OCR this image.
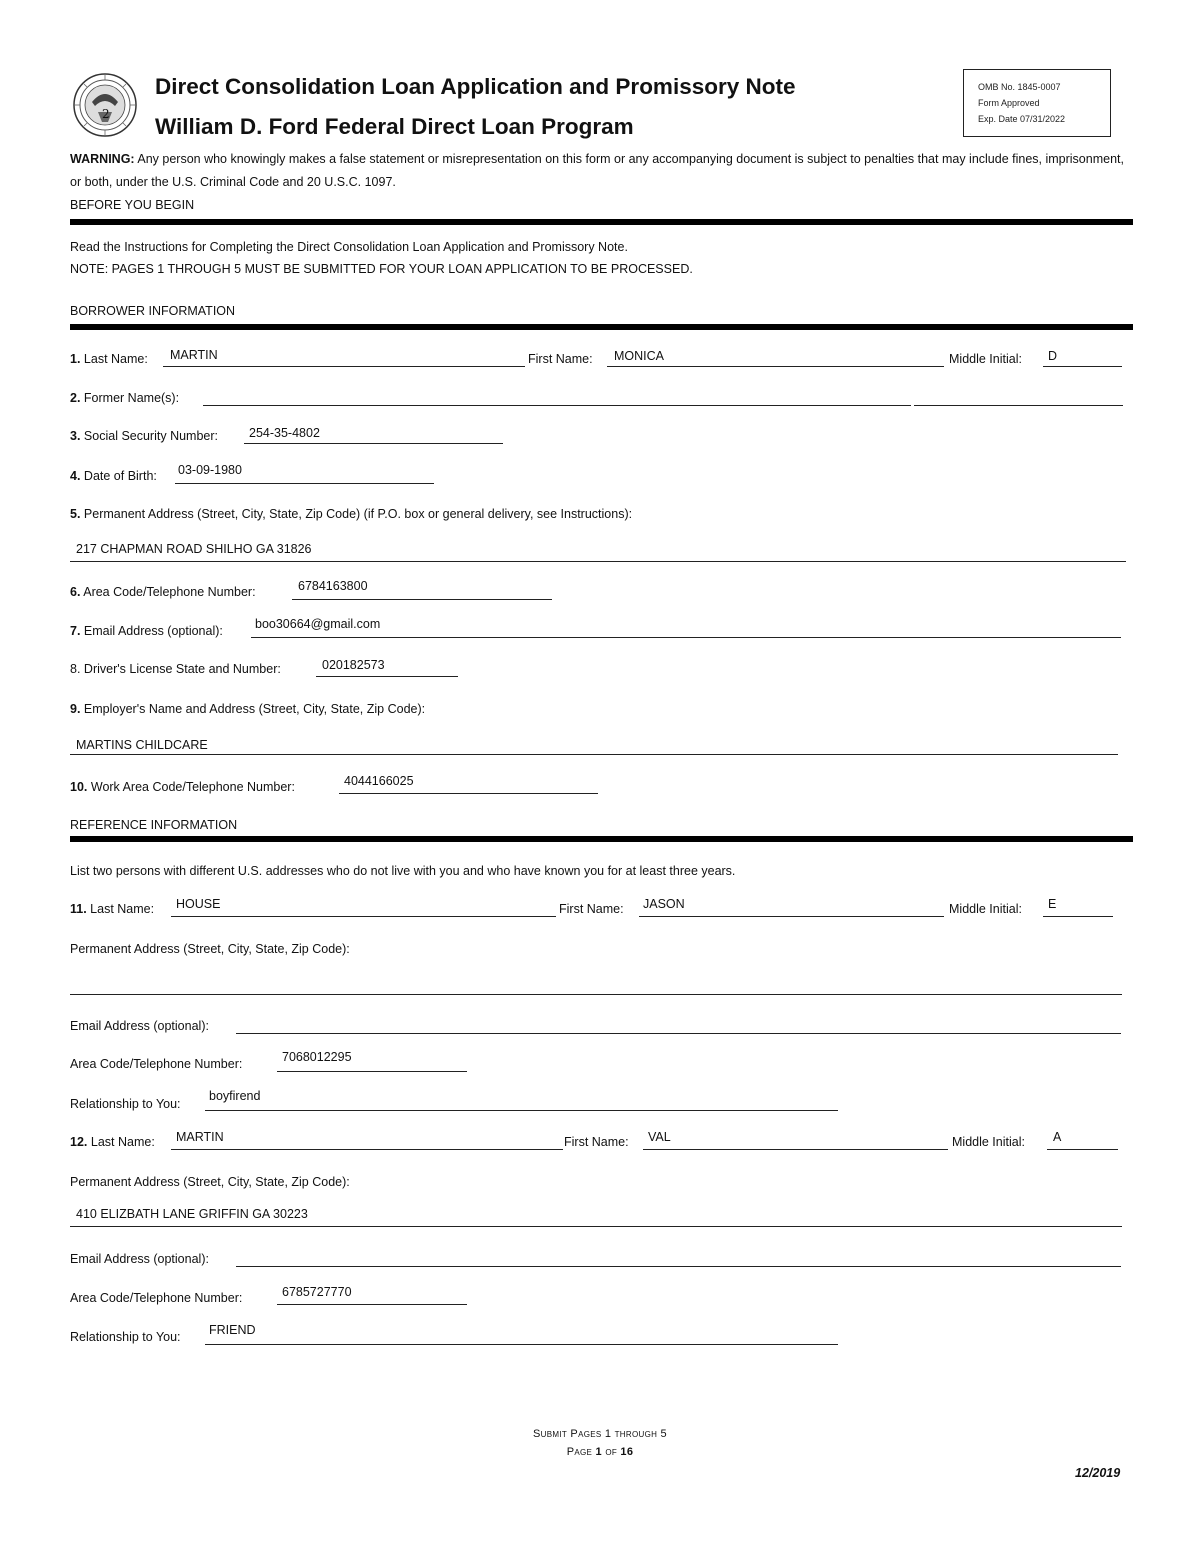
2
Direct Consolidation Loan Application and Promissory Note
William D. Ford Federal Direct Loan Program
OMB No. 1845-0007
Form Approved
Exp. Date 07/31/2022
WARNING: Any person who knowingly makes a false statement or misrepresentation on this form or any accompanying document is subject to penalties that may include fines, imprisonment, or both, under the U.S. Criminal Code and 20 U.S.C. 1097.
BEFORE YOU BEGIN
Read the Instructions for Completing the Direct Consolidation Loan Application and Promissory Note.
NOTE: PAGES 1 THROUGH 5 MUST BE SUBMITTED FOR YOUR LOAN APPLICATION TO BE PROCESSED.
BORROWER INFORMATION
1. Last Name: MARTIN	First Name: MONICA	Middle Initial: D
2. Former Name(s):
3. Social Security Number: 254-35-4802
4. Date of Birth: 03-09-1980
5. Permanent Address (Street, City, State, Zip Code) (if P.O. box or general delivery, see Instructions):
217 CHAPMAN ROAD SHILHO GA 31826
6. Area Code/Telephone Number:	6784163800
7. Email Address (optional):	boo30664@gmail.com
8. Driver's License State and Number:	020182573
9. Employer's Name and Address (Street, City, State, Zip Code):
MARTINS CHILDCARE
10. Work Area Code/Telephone Number:	4044166025
REFERENCE INFORMATION
List two persons with different U.S. addresses who do not live with you and who have known you for at least three years.
11. Last Name: HOUSE	First Name: JASON	Middle Initial: E
Permanent Address (Street, City, State, Zip Code):
Email Address (optional):
Area Code/Telephone Number:	7068012295
Relationship to You:
boyfirend
12. Last Name: MARTIN	First Name: VAL	Middle Initial: A
Permanent Address (Street, City, State, Zip Code):
410 ELIZBATH LANE GRIFFIN GA 30223
Email Address (optional):
Area Code/Telephone Number:	6785727770
Relationship to You: FRIEND
Submit Pages 1 through 5
Page 1 of 16
12/2019
